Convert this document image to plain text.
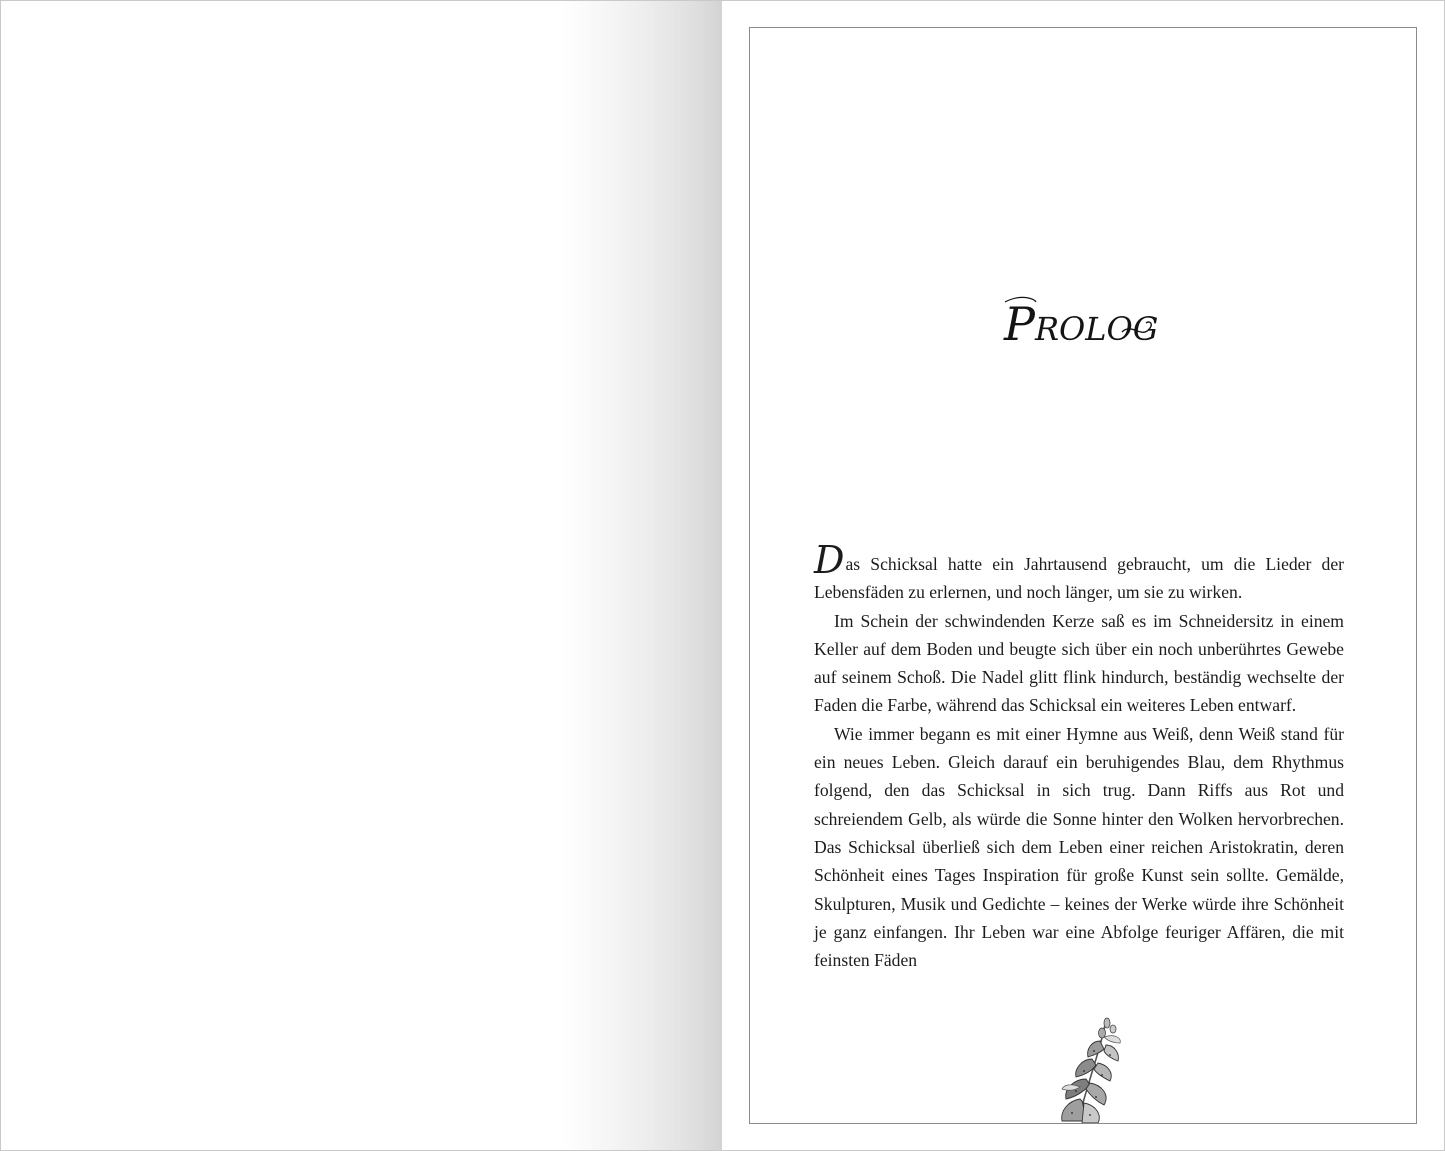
Prolog

Das Schicksal hatte ein Jahrtausend gebraucht, um die Lieder der Lebensfäden zu erlernen, und noch länger, um sie zu wirken.

Im Schein der schwindenden Kerze saß es im Schneidersitz in einem Keller auf dem Boden und beugte sich über ein noch unberührtes Gewebe auf seinem Schoß. Die Nadel glitt flink hindurch, beständig wechselte der Faden die Farbe, während das Schicksal ein weiteres Leben entwarf.

Wie immer begann es mit einer Hymne aus Weiß, denn Weiß stand für ein neues Leben. Gleich darauf ein beruhigendes Blau, dem Rhythmus folgend, den das Schicksal in sich trug. Dann Riffs aus Rot und schreiendem Gelb, als würde die Sonne hinter den Wolken hervorbrechen. Das Schicksal überließ sich dem Leben einer reichen Aristokratin, deren Schönheit eines Tages Inspiration für große Kunst sein sollte. Gemälde, Skulpturen, Musik und Gedichte – keines der Werke würde ihre Schönheit je ganz einfangen. Ihr Leben war eine Abfolge feuriger Affären, die mit feinsten Fäden
